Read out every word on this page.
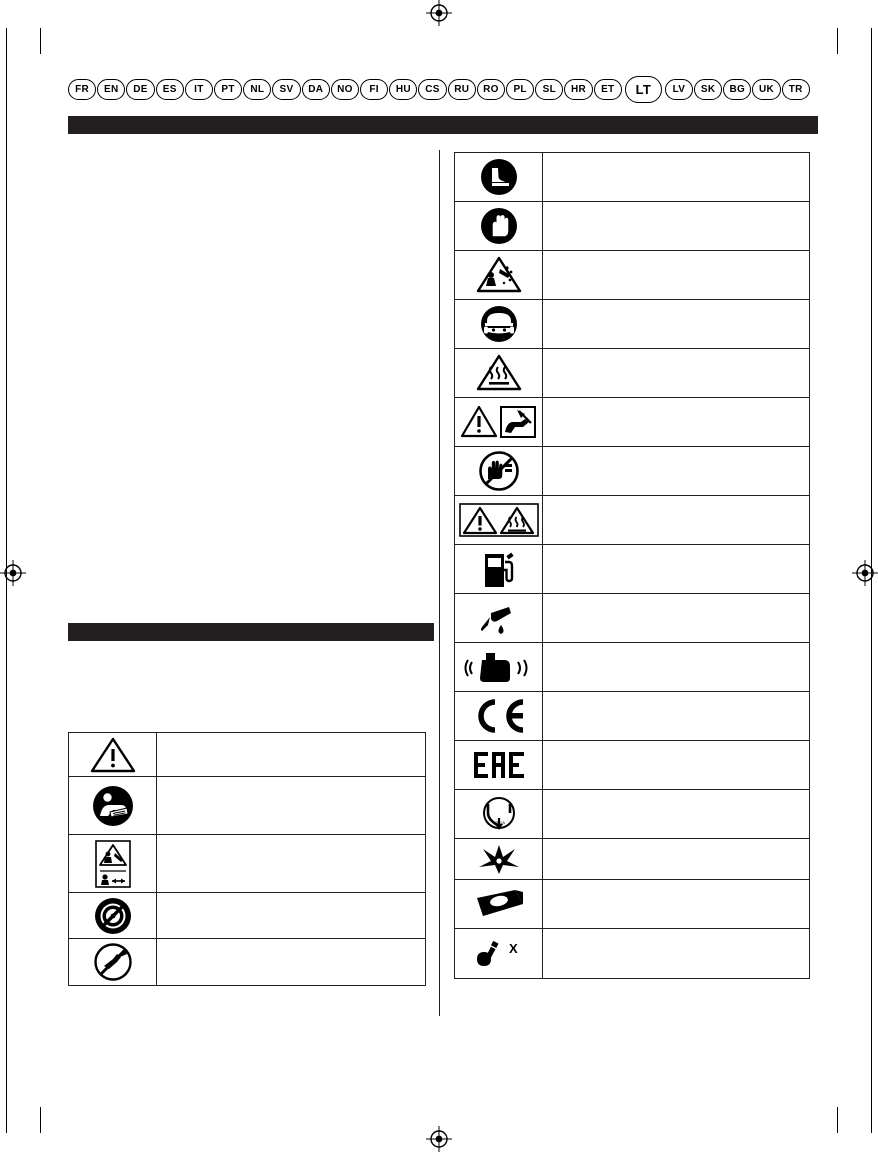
FR	EN	DE	ES	IT	PT	NL	SV	DA	NO	FI	HU	CS	RU	RO	PL	SL	HR	ET	LT	LV	SK	BG	UK	TR
TR UA
X
